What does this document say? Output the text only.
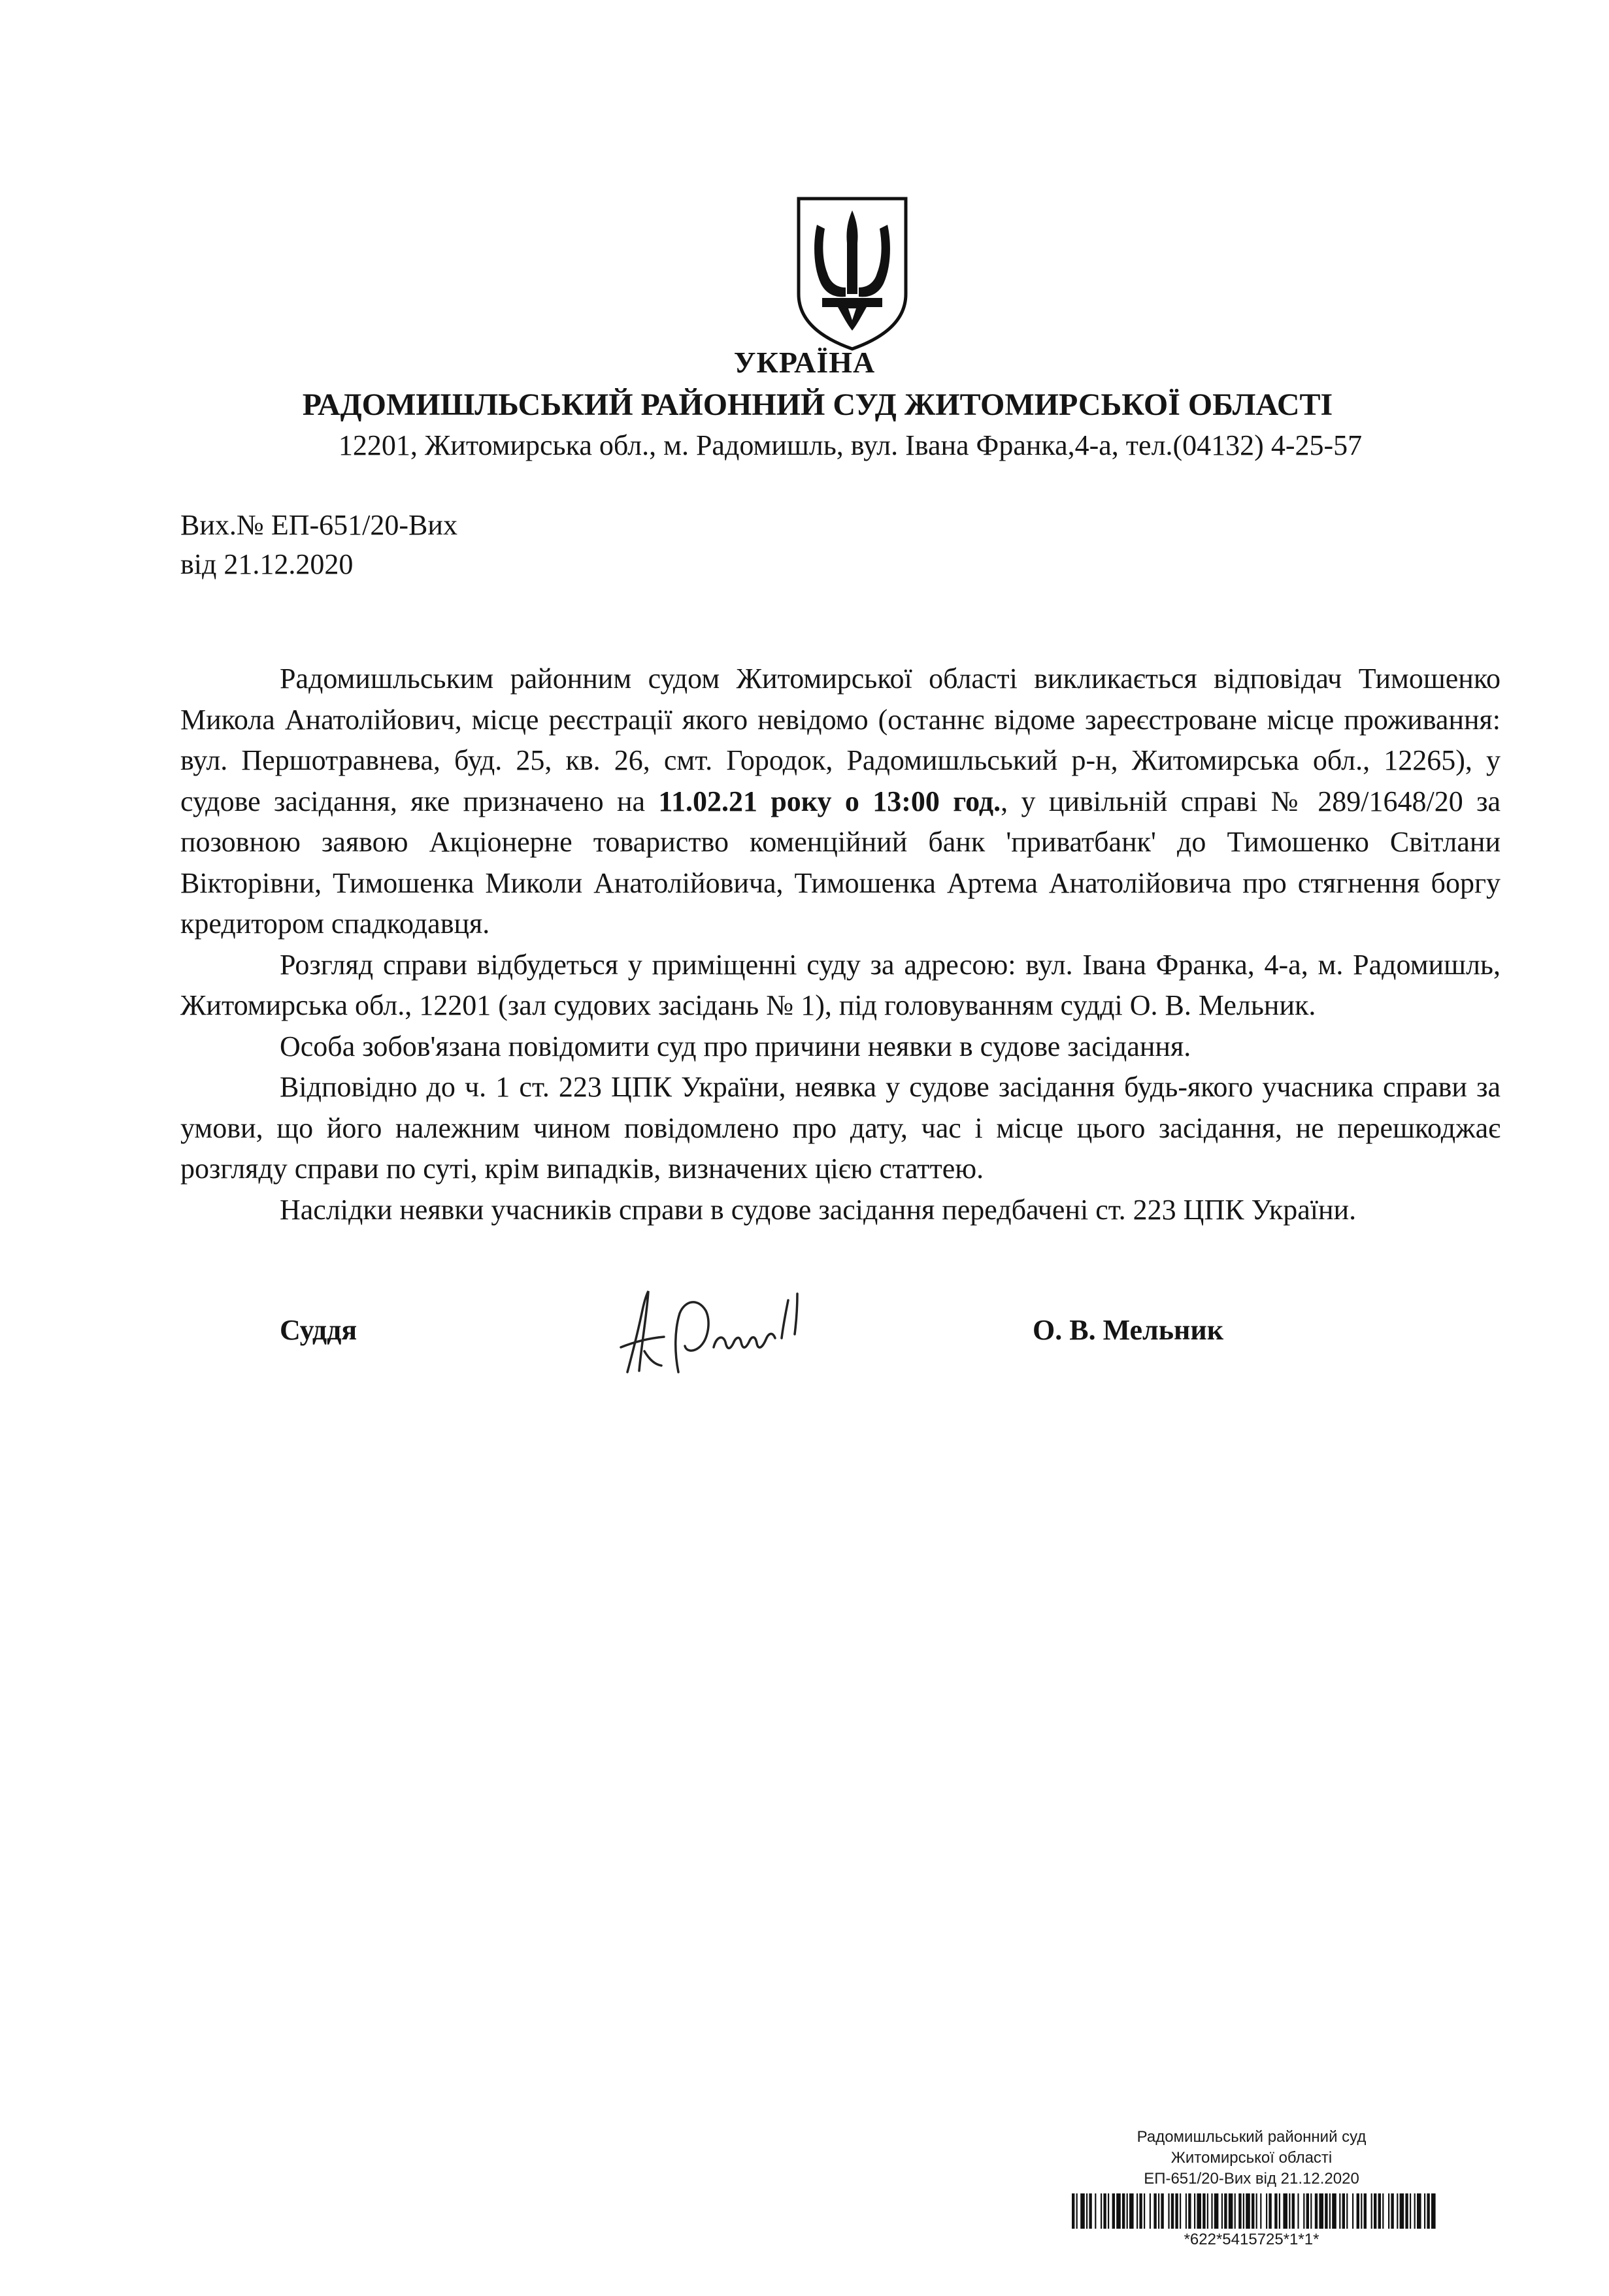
УКРАЇНА
РАДОМИШЛЬСЬКИЙ РАЙОННИЙ СУД ЖИТОМИРСЬКОЇ ОБЛАСТІ
12201, Житомирська обл., м. Радомишль, вул. Івана Франка,4-а, тел.(04132) 4-25-57
Вих.№ ЕП-651/20-Вих
від 21.12.2020

Радомишльським районним судом Житомирської області викликається відповідач Тимошенко Микола Анатолійович, місце реєстрації якого невідомо (останнє відоме зареєстроване місце проживання: вул. Першотравнева, буд. 25, кв. 26, смт. Городок, Радомишльський р-н, Житомирська обл., 12265), у судове засідання, яке призначено на 11.02.21 року о 13:00 год., у цивільній справі № 289/1648/20 за позовною заявою Акціонерне товариство коменційний банк 'приватбанк' до Тимошенко Світлани Вікторівни, Тимошенка Миколи Анатолійовича, Тимошенка Артема Анатолійовича про стягнення боргу кредитором спадкодавця.

Розгляд справи відбудеться у приміщенні суду за адресою: вул. Івана Франка, 4-а, м. Радомишль, Житомирська обл., 12201 (зал судових засідань № 1), під головуванням судді О. В. Мельник.

Особа зобов'язана повідомити суд про причини неявки в судове засідання.

Відповідно до ч. 1 ст. 223 ЦПК України, неявка у судове засідання будь-якого учасника справи за умови, що його належним чином повідомлено про дату, час і місце цього засідання, не перешкоджає розгляду справи по суті, крім випадків, визначених цією статтею.

Наслідки неявки учасників справи в судове засідання передбачені ст. 223 ЦПК України.

Суддя	О. В. Мельник
Радомишльський районний суд
Житомирської області
ЕП-651/20-Вих від 21.12.2020
*622*5415725*1*1*
